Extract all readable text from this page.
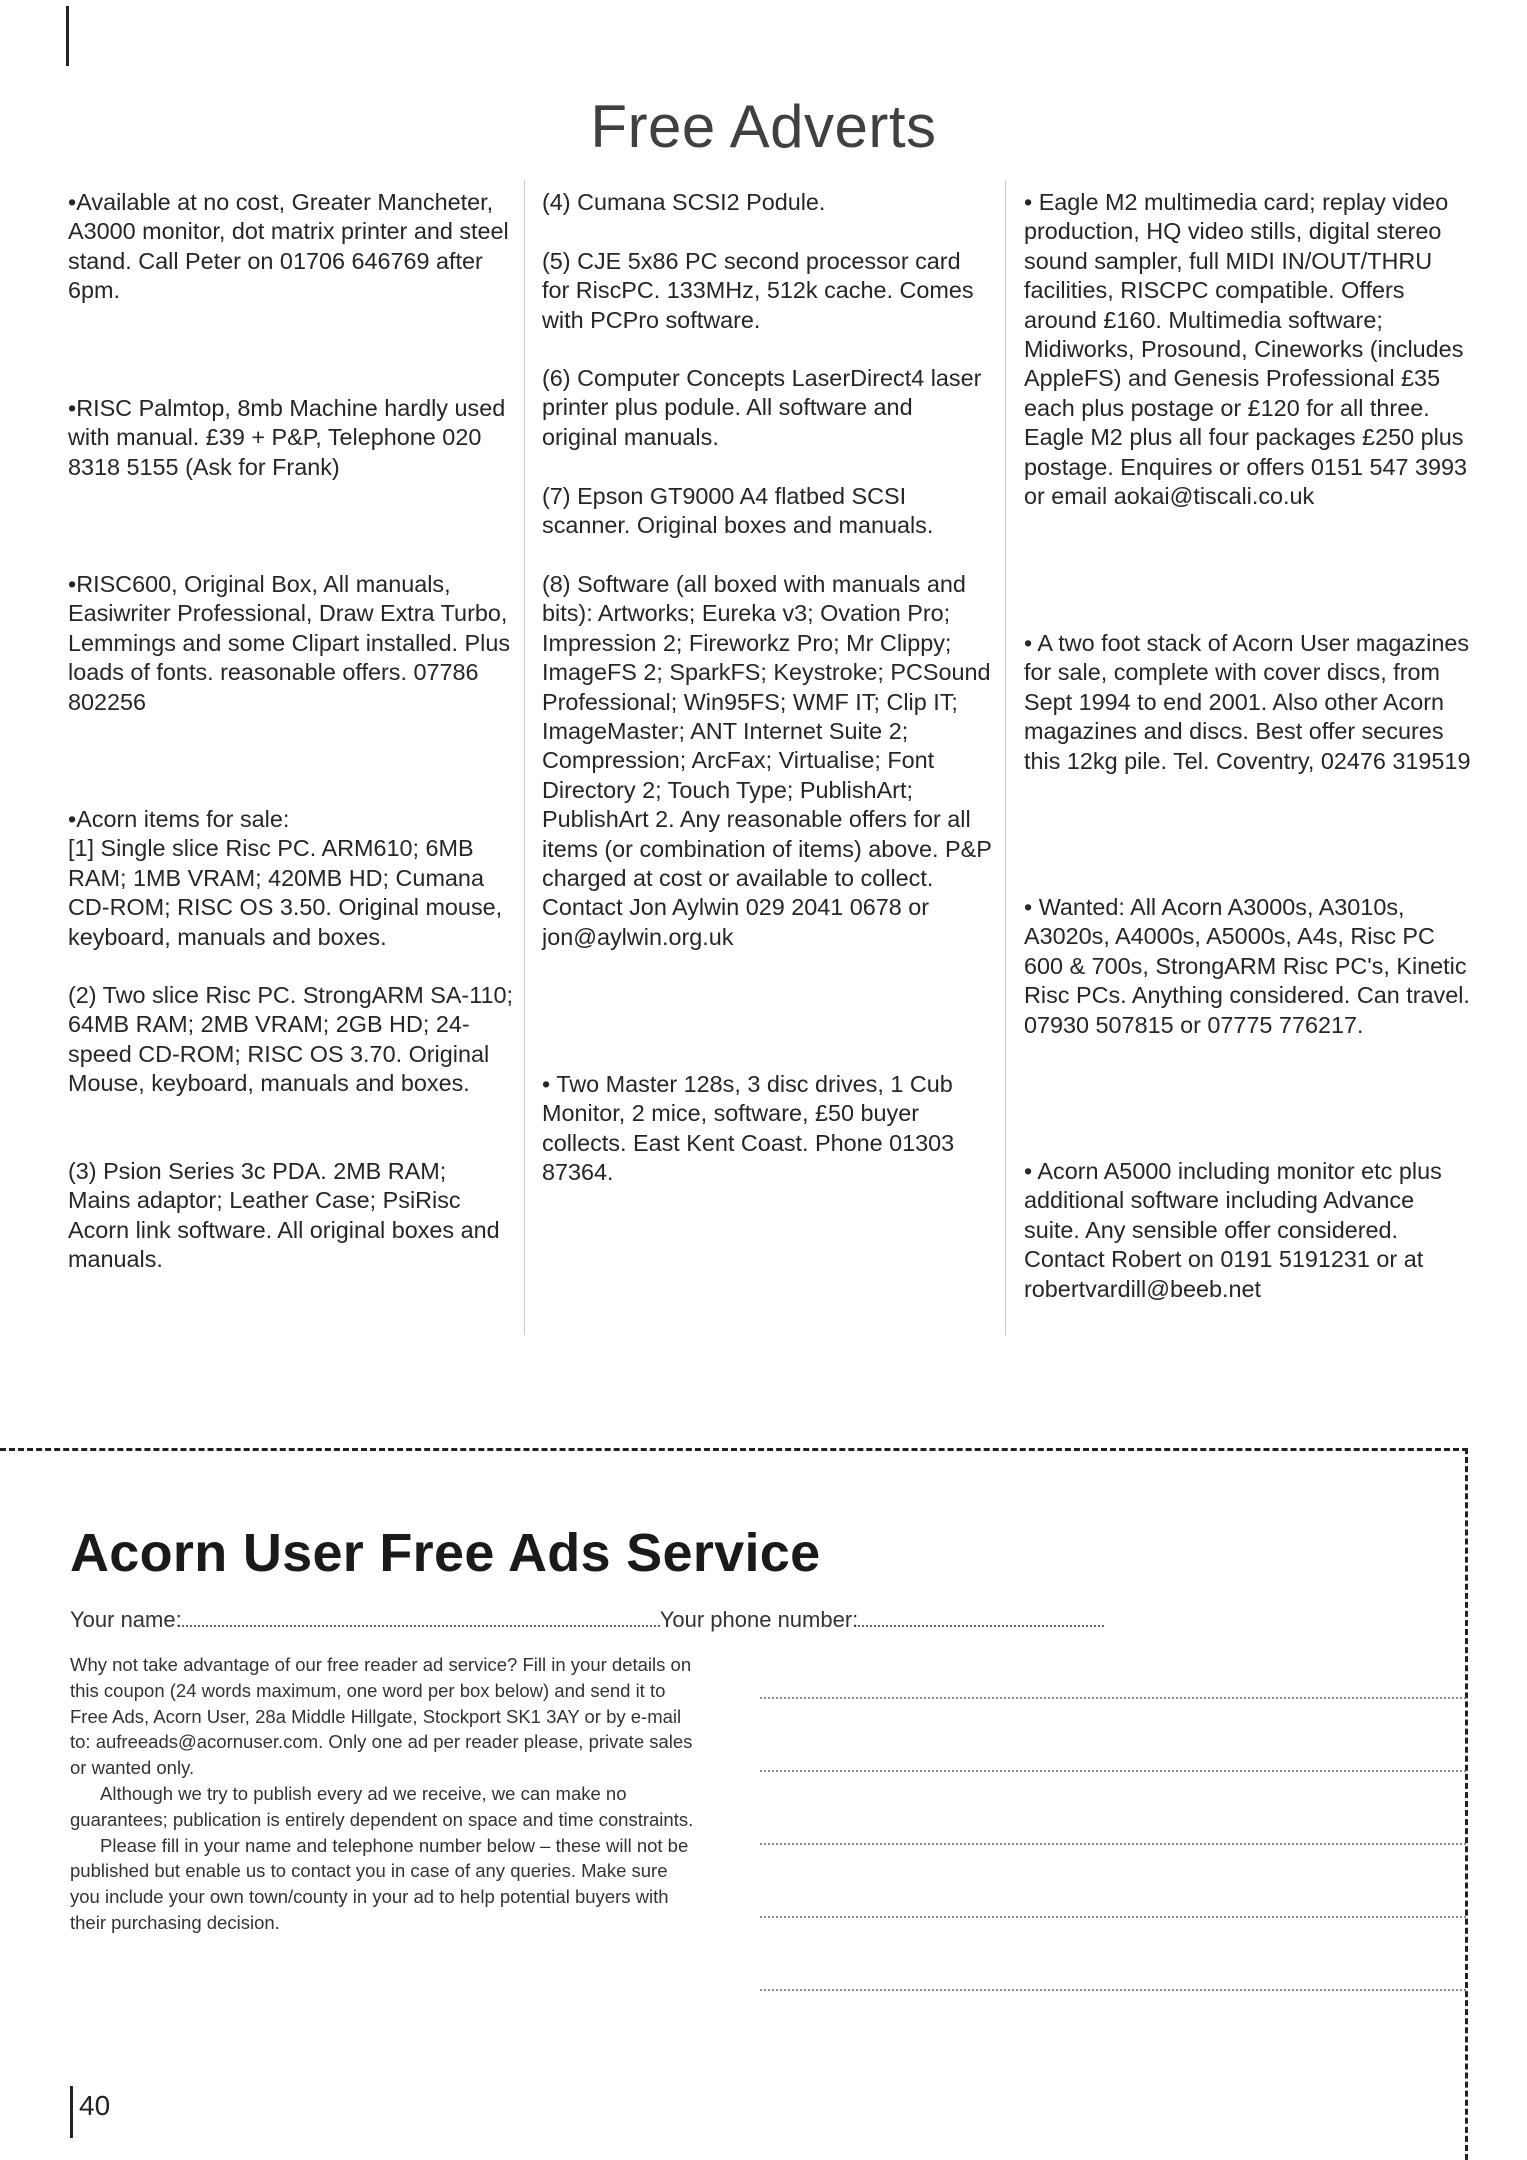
Free Adverts
•Available at no cost, Greater Mancheter, A3000 monitor, dot matrix printer and steel stand. Call Peter on 01706 646769 after 6pm.
•RISC Palmtop, 8mb Machine hardly used with manual. £39 + P&P, Telephone 020 8318 5155 (Ask for Frank)
•RISC600, Original Box, All manuals, Easiwriter Professional, Draw Extra Turbo, Lemmings and some Clipart installed. Plus loads of fonts. reasonable offers. 07786 802256
•Acorn items for sale:
[1] Single slice Risc PC. ARM610; 6MB RAM; 1MB VRAM; 420MB HD; Cumana CD-ROM; RISC OS 3.50. Original mouse, keyboard, manuals and boxes.
(2) Two slice Risc PC. StrongARM SA-110; 64MB RAM; 2MB VRAM; 2GB HD; 24-speed CD-ROM; RISC OS 3.70. Original Mouse, keyboard, manuals and boxes.
(3) Psion Series 3c PDA. 2MB RAM; Mains adaptor; Leather Case; PsiRisc Acorn link software. All original boxes and manuals.
(4) Cumana SCSI2 Podule.
(5) CJE 5x86 PC second processor card for RiscPC. 133MHz, 512k cache. Comes with PCPro software.
(6) Computer Concepts LaserDirect4 laser printer plus podule. All software and original manuals.
(7) Epson GT9000 A4 flatbed SCSI scanner. Original boxes and manuals.
(8) Software (all boxed with manuals and bits): Artworks; Eureka v3; Ovation Pro; Impression 2; Fireworkz Pro; Mr Clippy; ImageFS 2; SparkFS; Keystroke; PCSound Professional; Win95FS; WMF IT; Clip IT; ImageMaster; ANT Internet Suite 2; Compression; ArcFax; Virtualise; Font Directory 2; Touch Type; PublishArt; PublishArt 2. Any reasonable offers for all items (or combination of items) above. P&P charged at cost or available to collect.
Contact Jon Aylwin 029 2041 0678 or jon@aylwin.org.uk
• Two Master 128s, 3 disc drives, 1 Cub Monitor, 2 mice, software, £50 buyer collects. East Kent Coast. Phone 01303 87364.
• Eagle M2 multimedia card; replay video production, HQ video stills, digital stereo sound sampler, full MIDI IN/OUT/THRU facilities, RISCPC compatible. Offers around £160. Multimedia software; Midiworks, Prosound, Cineworks (includes AppleFS) and Genesis Professional £35 each plus postage or £120 for all three. Eagle M2 plus all four packages £250 plus postage. Enquires or offers 0151 547 3993 or email aokai@tiscali.co.uk
• A two foot stack of Acorn User magazines for sale, complete with cover discs, from Sept 1994 to end 2001. Also other Acorn magazines and discs. Best offer secures this 12kg pile. Tel. Coventry, 02476 319519
• Wanted: All Acorn A3000s, A3010s, A3020s, A4000s, A5000s, A4s, Risc PC 600 & 700s, StrongARM Risc PC's, Kinetic Risc PCs. Anything considered. Can travel. 07930 507815 or 07775 776217.
• Acorn A5000 including monitor etc plus additional software including Advance suite. Any sensible offer considered. Contact Robert on 0191 5191231 or at robertvardill@beeb.net
Acorn User Free Ads Service
Your name:	Your phone number:

Why not take advantage of our free reader ad service? Fill in your details on this coupon (24 words maximum, one word per box below) and send it to Free Ads, Acorn User, 28a Middle Hillgate, Stockport SK1 3AY or by e-mail to: aufreeads@acornuser.com. Only one ad per reader please, private sales or wanted only.

Although we try to publish every ad we receive, we can make no guarantees; publication is entirely dependent on space and time constraints.

Please fill in your name and telephone number below – these will not be published but enable us to contact you in case of any queries. Make sure you include your own town/county in your ad to help potential buyers with their purchasing decision.

40
